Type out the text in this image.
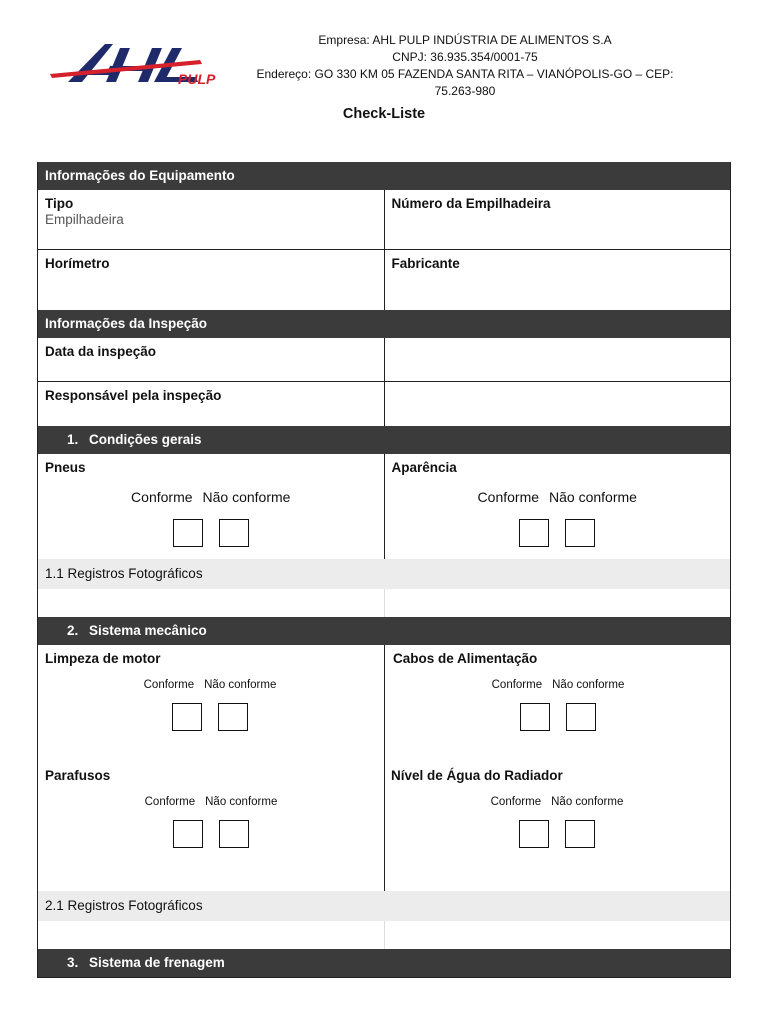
PULP
Empresa: AHL PULP INDÚSTRIA DE ALIMENTOS S.A
CNPJ: 36.935.354/0001-75
Endereço: GO 330 KM 05 FAZENDA SANTA RITA – VIANÓPOLIS-GO – CEP: 75.263-980
Check-Liste
Informações do Equipamento
Tipo
Empilhadeira
Número da Empilhadeira
Horímetro	Fabricante
Informações da Inspeção
Data da inspeção
Responsável pela inspeção
1. Condições gerais
Pneus
Conforme Não conforme
Aparência
Conforme Não conforme
1.1 Registros Fotográficos
2. Sistema mecânico
Limpeza de motor
Conforme Não conforme
Cabos de Alimentação
Conforme Não conforme
Parafusos
Conforme Não conforme
Nível de Água do Radiador
Conforme Não conforme
2.1 Registros Fotográficos
3. Sistema de frenagem
